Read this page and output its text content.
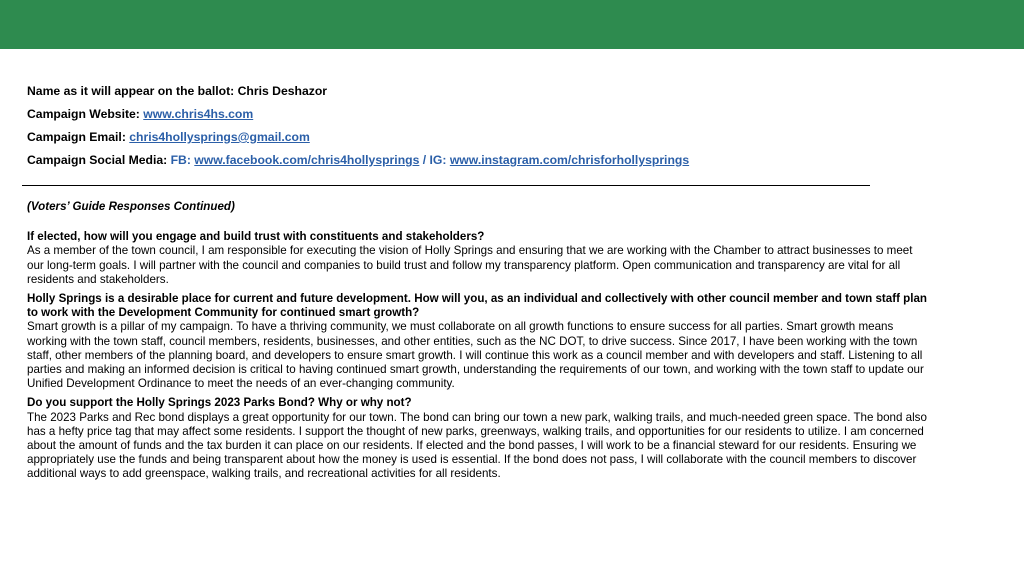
Name as it will appear on the ballot: Chris Deshazor

Campaign Website: www.chris4hs.com

Campaign Email: chris4hollysprings@gmail.com

Campaign Social Media: FB: www.facebook.com/chris4hollysprings / IG: www.instagram.com/chrisforhollysprings

(Voters’ Guide Responses Continued)

If elected, how will you engage and build trust with constituents and stakeholders?

As a member of the town council, I am responsible for executing the vision of Holly Springs and ensuring that we are working with the Chamber to attract businesses to meet our long-term goals. I will partner with the council and companies to build trust and follow my transparency platform. Open communication and transparency are vital for all residents and stakeholders.

Holly Springs is a desirable place for current and future development. How will you, as an individual and collectively with other council member and town staff plan to work with the Development Community for continued smart growth?

Smart growth is a pillar of my campaign. To have a thriving community, we must collaborate on all growth functions to ensure success for all parties. Smart growth means working with the town staff, council members, residents, businesses, and other entities, such as the NC DOT, to drive success. Since 2017, I have been working with the town staff, other members of the planning board, and developers to ensure smart growth. I will continue this work as a council member and with developers and staff. Listening to all parties and making an informed decision is critical to having continued smart growth, understanding the requirements of our town, and working with the town staff to update our Unified Development Ordinance to meet the needs of an ever-changing community.

Do you support the Holly Springs 2023 Parks Bond? Why or why not?

The 2023 Parks and Rec bond displays a great opportunity for our town. The bond can bring our town a new park, walking trails, and much-needed green space. The bond also has a hefty price tag that may affect some residents. I support the thought of new parks, greenways, walking trails, and opportunities for our residents to utilize. I am concerned about the amount of funds and the tax burden it can place on our residents. If elected and the bond passes, I will work to be a financial steward for our residents. Ensuring we appropriately use the funds and being transparent about how the money is used is essential. If the bond does not pass, I will collaborate with the council members to discover additional ways to add greenspace, walking trails, and recreational activities for all residents.
